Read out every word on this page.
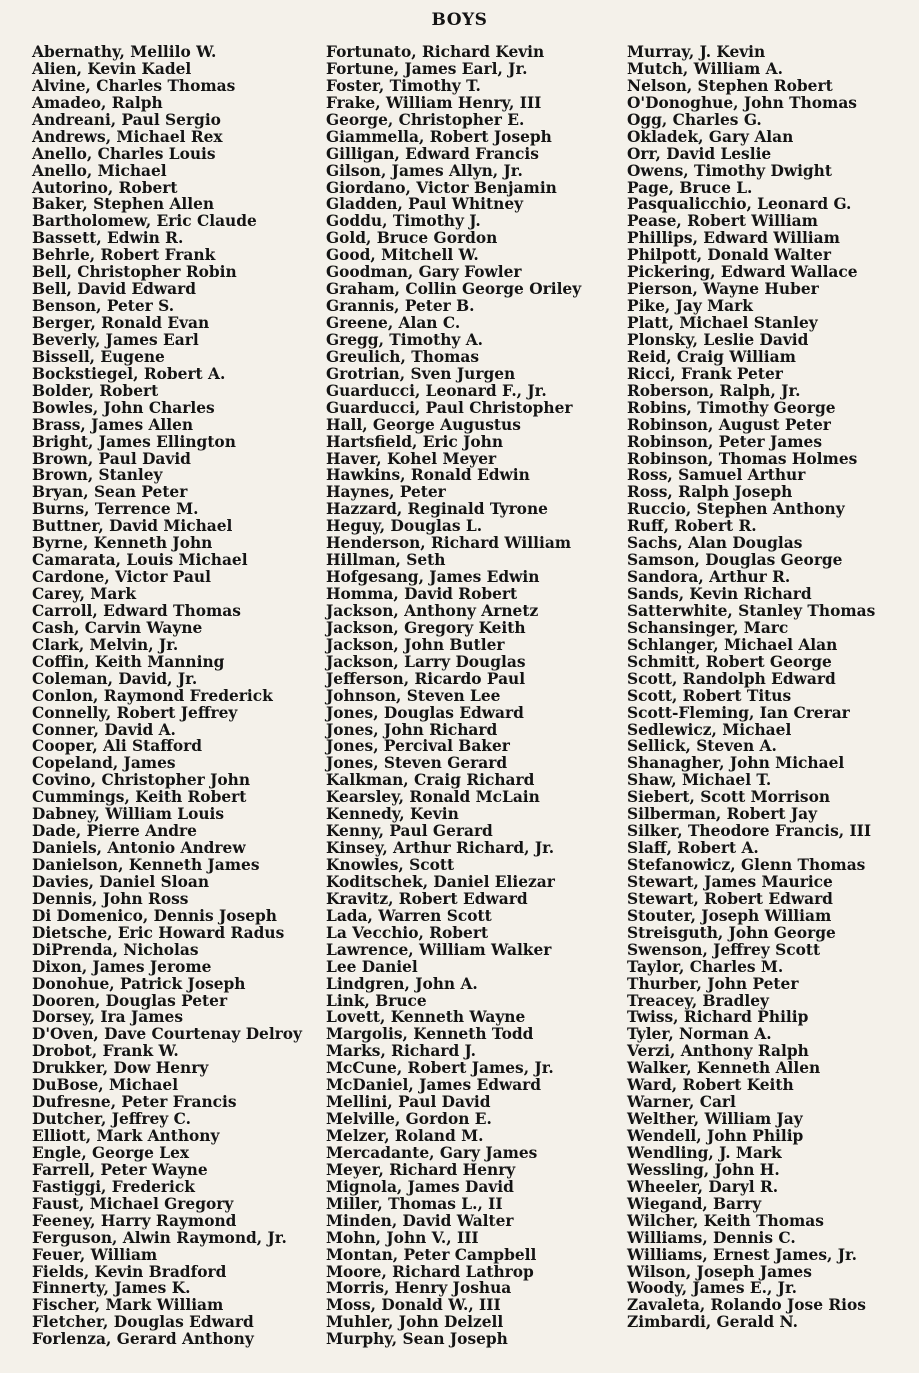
BOYS
Abernathy, Mellilo W.
Alien, Kevin Kadel
Alvine, Charles Thomas
Amadeo, Ralph
Andreani, Paul Sergio
Andrews, Michael Rex
Anello, Charles Louis
Anello, Michael
Autorino, Robert
Baker, Stephen Allen
Bartholomew, Eric Claude
Bassett, Edwin R.
Behrle, Robert Frank
Bell, Christopher Robin
Bell, David Edward
Benson, Peter S.
Berger, Ronald Evan
Beverly, James Earl
Bissell, Eugene
Bockstiegel, Robert A.
Bolder, Robert
Bowles, John Charles
Brass, James Allen
Bright, James Ellington
Brown, Paul David
Brown, Stanley
Bryan, Sean Peter
Burns, Terrence M.
Buttner, David Michael
Byrne, Kenneth John
Camarata, Louis Michael
Cardone, Victor Paul
Carey, Mark
Carroll, Edward Thomas
Cash, Carvin Wayne
Clark, Melvin, Jr.
Coffin, Keith Manning
Coleman, David, Jr.
Conlon, Raymond Frederick
Connelly, Robert Jeffrey
Conner, David A.
Cooper, Ali Stafford
Copeland, James
Covino, Christopher John
Cummings, Keith Robert
Dabney, William Louis
Dade, Pierre Andre
Daniels, Antonio Andrew
Danielson, Kenneth James
Davies, Daniel Sloan
Dennis, John Ross
Di Domenico, Dennis Joseph
Dietsche, Eric Howard Radus
DiPrenda, Nicholas
Dixon, James Jerome
Donohue, Patrick Joseph
Dooren, Douglas Peter
Dorsey, Ira James
D'Oven, Dave Courtenay Delroy
Drobot, Frank W.
Drukker, Dow Henry
DuBose, Michael
Dufresne, Peter Francis
Dutcher, Jeffrey C.
Elliott, Mark Anthony
Engle, George Lex
Farrell, Peter Wayne
Fastiggi, Frederick
Faust, Michael Gregory
Feeney, Harry Raymond
Ferguson, Alwin Raymond, Jr.
Feuer, William
Fields, Kevin Bradford
Finnerty, James K.
Fischer, Mark William
Fletcher, Douglas Edward
Forlenza, Gerard Anthony
Fortunato, Richard Kevin
Fortune, James Earl, Jr.
Foster, Timothy T.
Frake, William Henry, III
George, Christopher E.
Giammella, Robert Joseph
Gilligan, Edward Francis
Gilson, James Allyn, Jr.
Giordano, Victor Benjamin
Gladden, Paul Whitney
Goddu, Timothy J.
Gold, Bruce Gordon
Good, Mitchell W.
Goodman, Gary Fowler
Graham, Collin George Oriley
Grannis, Peter B.
Greene, Alan C.
Gregg, Timothy A.
Greulich, Thomas
Grotrian, Sven Jurgen
Guarducci, Leonard F., Jr.
Guarducci, Paul Christopher
Hall, George Augustus
Hartsfield, Eric John
Haver, Kohel Meyer
Hawkins, Ronald Edwin
Haynes, Peter
Hazzard, Reginald Tyrone
Heguy, Douglas L.
Henderson, Richard William
Hillman, Seth
Hofgesang, James Edwin
Homma, David Robert
Jackson, Anthony Arnetz
Jackson, Gregory Keith
Jackson, John Butler
Jackson, Larry Douglas
Jefferson, Ricardo Paul
Johnson, Steven Lee
Jones, Douglas Edward
Jones, John Richard
Jones, Percival Baker
Jones, Steven Gerard
Kalkman, Craig Richard
Kearsley, Ronald McLain
Kennedy, Kevin
Kenny, Paul Gerard
Kinsey, Arthur Richard, Jr.
Knowles, Scott
Koditschek, Daniel Eliezar
Kravitz, Robert Edward
Lada, Warren Scott
La Vecchio, Robert
Lawrence, William Walker
Lee Daniel
Lindgren, John A.
Link, Bruce
Lovett, Kenneth Wayne
Margolis, Kenneth Todd
Marks, Richard J.
McCune, Robert James, Jr.
McDaniel, James Edward
Mellini, Paul David
Melville, Gordon E.
Melzer, Roland M.
Mercadante, Gary James
Meyer, Richard Henry
Mignola, James David
Miller, Thomas L., II
Minden, David Walter
Mohn, John V., III
Montan, Peter Campbell
Moore, Richard Lathrop
Morris, Henry Joshua
Moss, Donald W., III
Muhler, John Delzell
Murphy, Sean Joseph
Murray, J. Kevin
Mutch, William A.
Nelson, Stephen Robert
O'Donoghue, John Thomas
Ogg, Charles G.
Okladek, Gary Alan
Orr, David Leslie
Owens, Timothy Dwight
Page, Bruce L.
Pasqualicchio, Leonard G.
Pease, Robert William
Phillips, Edward William
Philpott, Donald Walter
Pickering, Edward Wallace
Pierson, Wayne Huber
Pike, Jay Mark
Platt, Michael Stanley
Plonsky, Leslie David
Reid, Craig William
Ricci, Frank Peter
Roberson, Ralph, Jr.
Robins, Timothy George
Robinson, August Peter
Robinson, Peter James
Robinson, Thomas Holmes
Ross, Samuel Arthur
Ross, Ralph Joseph
Ruccio, Stephen Anthony
Ruff, Robert R.
Sachs, Alan Douglas
Samson, Douglas George
Sandora, Arthur R.
Sands, Kevin Richard
Satterwhite, Stanley Thomas
Schansinger, Marc
Schlanger, Michael Alan
Schmitt, Robert George
Scott, Randolph Edward
Scott, Robert Titus
Scott-Fleming, Ian Crerar
Sedlewicz, Michael
Sellick, Steven A.
Shanagher, John Michael
Shaw, Michael T.
Siebert, Scott Morrison
Silberman, Robert Jay
Silker, Theodore Francis, III
Slaff, Robert A.
Stefanowicz, Glenn Thomas
Stewart, James Maurice
Stewart, Robert Edward
Stouter, Joseph William
Streisguth, John George
Swenson, Jeffrey Scott
Taylor, Charles M.
Thurber, John Peter
Treacey, Bradley
Twiss, Richard Philip
Tyler, Norman A.
Verzi, Anthony Ralph
Walker, Kenneth Allen
Ward, Robert Keith
Warner, Carl
Welther, William Jay
Wendell, John Philip
Wendling, J. Mark
Wessling, John H.
Wheeler, Daryl R.
Wiegand, Barry
Wilcher, Keith Thomas
Williams, Dennis C.
Williams, Ernest James, Jr.
Wilson, Joseph James
Woody, James E., Jr.
Zavaleta, Rolando Jose Rios
Zimbardi, Gerald N.
